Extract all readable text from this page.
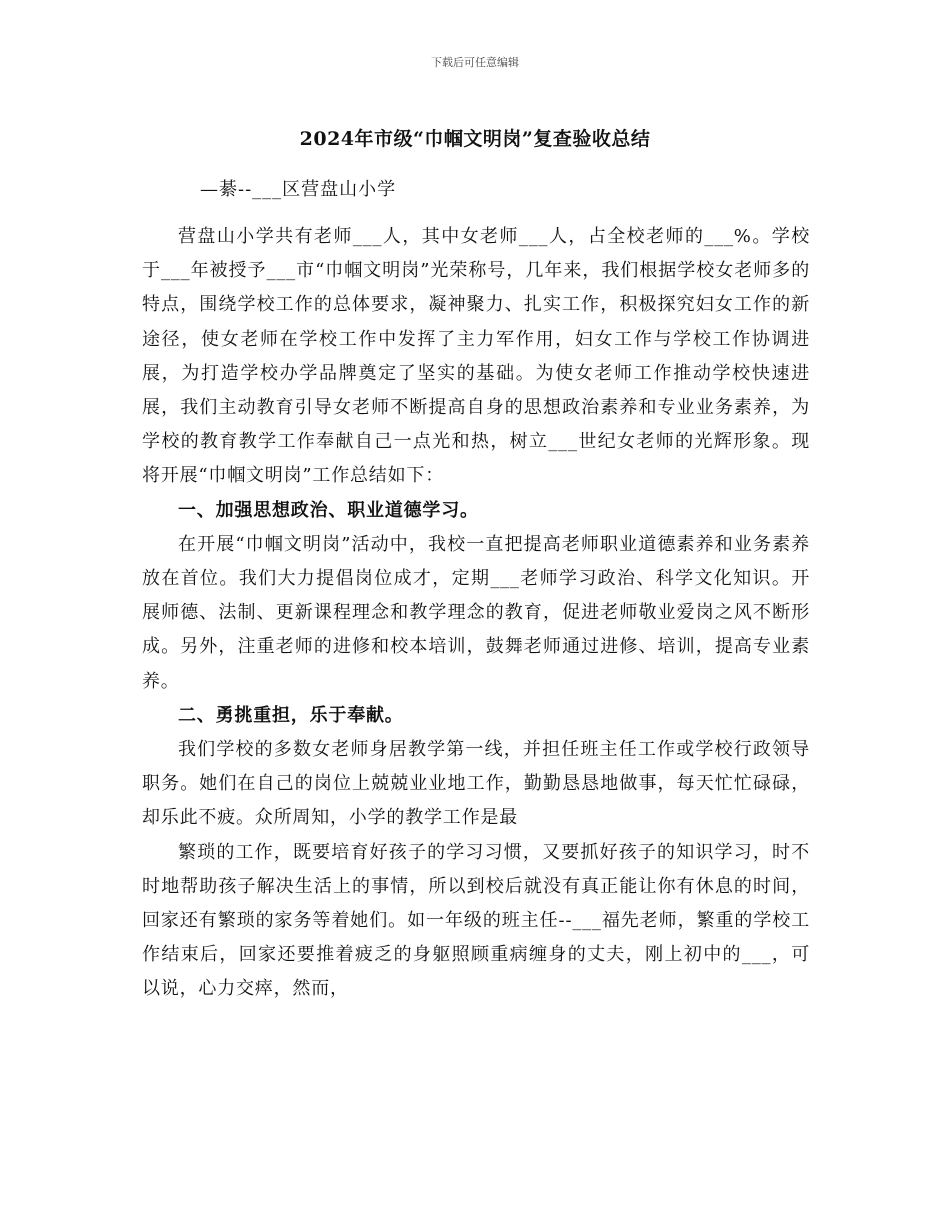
下载后可任意编辑
2024年市级“巾帼文明岗”复查验收总结
—綦--___区营盘山小学

营盘山小学共有老师___人，其中女老师___人，占全校老师的___%。学校于___年被授予___市“巾帼文明岗”光荣称号，几年来，我们根据学校女老师多的特点，围绕学校工作的总体要求，凝神聚力、扎实工作，积极探究妇女工作的新途径，使女老师在学校工作中发挥了主力军作用，妇女工作与学校工作协调进展，为打造学校办学品牌奠定了坚实的基础。为使女老师工作推动学校快速进展，我们主动教育引导女老师不断提高自身的思想政治素养和专业业务素养，为学校的教育教学工作奉献自己一点光和热，树立___世纪女老师的光辉形象。现将开展“巾帼文明岗”工作总结如下：

一、加强思想政治、职业道德学习。

在开展“巾帼文明岗”活动中，我校一直把提高老师职业道德素养和业务素养放在首位。我们大力提倡岗位成才，定期___老师学习政治、科学文化知识。开展师德、法制、更新课程理念和教学理念的教育，促进老师敬业爱岗之风不断形成。另外，注重老师的进修和校本培训，鼓舞老师通过进修、培训，提高专业素养。

二、勇挑重担，乐于奉献。

我们学校的多数女老师身居教学第一线，并担任班主任工作或学校行政领导职务。她们在自己的岗位上兢兢业业地工作，勤勤恳恳地做事，每天忙忙碌碌，却乐此不疲。众所周知，小学的教学工作是最

繁琐的工作，既要培育好孩子的学习习惯，又要抓好孩子的知识学习，时不时地帮助孩子解决生活上的事情，所以到校后就没有真正能让你有休息的时间，回家还有繁琐的家务等着她们。如一年级的班主任--___福先老师，繁重的学校工作结束后，回家还要推着疲乏的身躯照顾重病缠身的丈夫，刚上初中的___，可以说，心力交瘁，然而，
